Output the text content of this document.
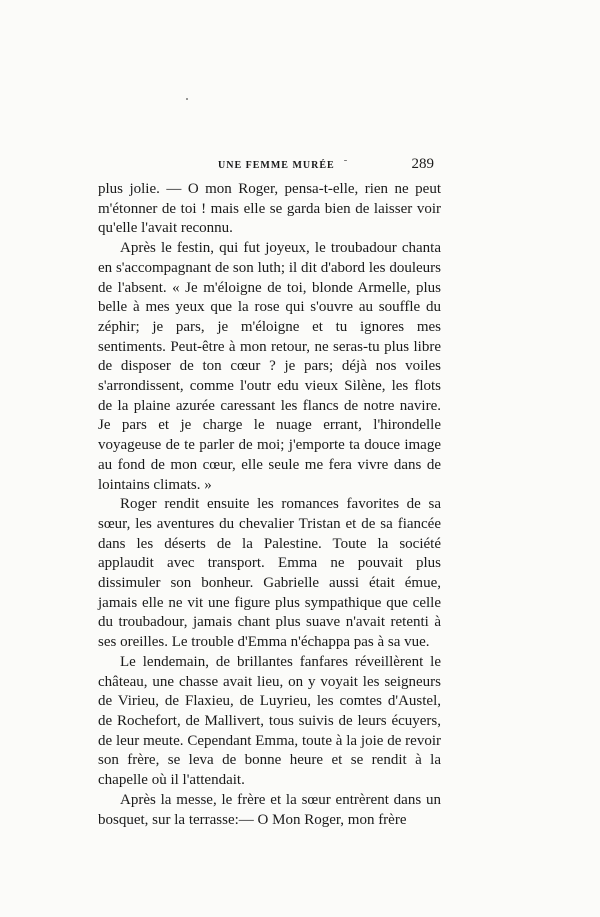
UNE FEMME MURÉE	289

plus jolie. — O mon Roger, pensa-t-elle, rien ne peut m'étonner de toi ! mais elle se garda bien de laisser voir qu'elle l'avait reconnu.

Après le festin, qui fut joyeux, le troubadour chanta en s'accompagnant de son luth; il dit d'abord les douleurs de l'absent. « Je m'éloigne de toi, blonde Armelle, plus belle à mes yeux que la rose qui s'ouvre au souffle du zéphir; je pars, je m'éloigne et tu ignores mes sentiments. Peut-être à mon retour, ne seras-tu plus libre de disposer de ton cœur ? je pars; déjà nos voiles s'arrondissent, comme l'outr edu vieux Silène, les flots de la plaine azurée caressant les flancs de notre navire. Je pars et je charge le nuage errant, l'hirondelle voyageuse de te parler de moi; j'emporte ta douce image au fond de mon cœur, elle seule me fera vivre dans de lointains climats. »

Roger rendit ensuite les romances favorites de sa sœur, les aventures du chevalier Tristan et de sa fiancée dans les déserts de la Palestine. Toute la société applaudit avec transport. Emma ne pouvait plus dissimuler son bonheur. Gabrielle aussi était émue, jamais elle ne vit une figure plus sympathique que celle du troubadour, jamais chant plus suave n'avait retenti à ses oreilles. Le trouble d'Emma n'échappa pas à sa vue.

Le lendemain, de brillantes fanfares réveillèrent le château, une chasse avait lieu, on y voyait les seigneurs de Virieu, de Flaxieu, de Luyrieu, les comtes d'Austel, de Rochefort, de Mallivert, tous suivis de leurs écuyers, de leur meute. Cependant Emma, toute à la joie de revoir son frère, se leva de bonne heure et se rendit à la chapelle où il l'attendait.

Après la messe, le frère et la sœur entrèrent dans un bosquet, sur la terrasse:— O Mon Roger, mon frère
